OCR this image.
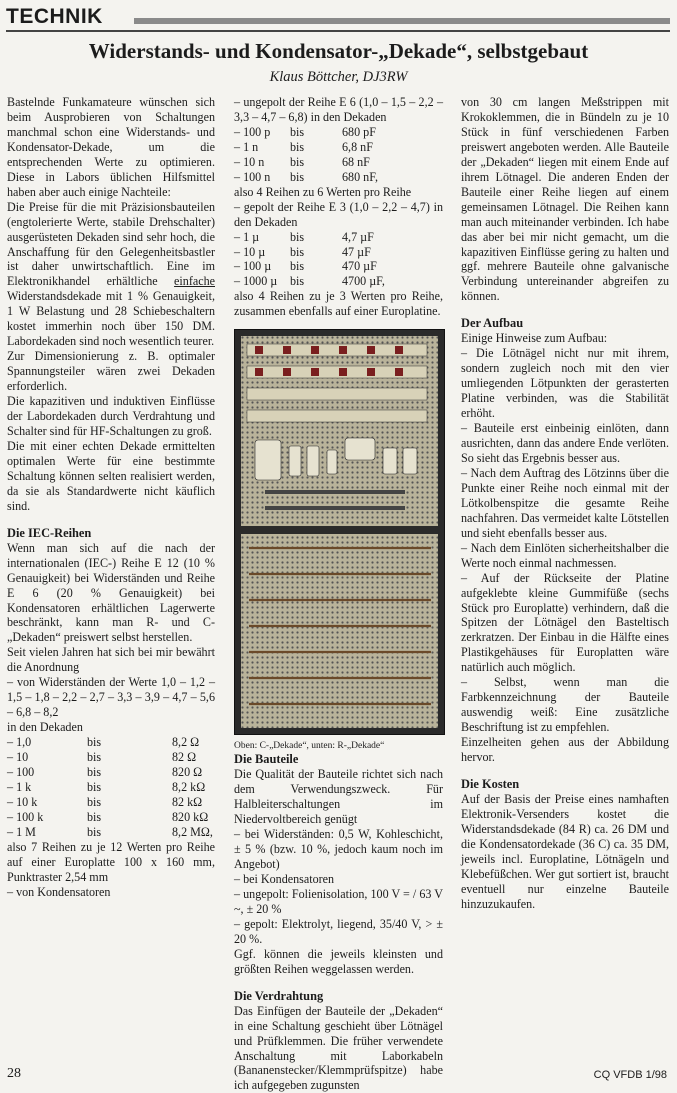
TECHNIK
Widerstands- und Kondensator-„Dekade“, selbstgebaut
Klaus Böttcher, DJ3RW

Bastelnde Funkamateure wünschen sich beim Ausprobieren von Schaltungen manchmal schon eine Widerstands- und Kondensator-Dekade, um die entsprechenden Werte zu optimieren. Diese in Labors üblichen Hilfsmittel haben aber auch einige Nachteile:

Die Preise für die mit Präzisionsbauteilen (engtolerierte Werte, stabile Drehschalter) ausgerüsteten Dekaden sind sehr hoch, die Anschaffung für den Gelegenheitsbastler ist daher unwirtschaftlich. Eine im Elektronikhandel erhältliche einfache Widerstandsdekade mit 1 % Genauigkeit, 1 W Belastung und 28 Schiebeschaltern kostet immerhin noch über 150 DM. Labordekaden sind noch wesentlich teurer.

Zur Dimensionierung z. B. optimaler Spannungsteiler wären zwei Dekaden erforderlich.

Die kapazitiven und induktiven Einflüsse der Labordekaden durch Verdrahtung und Schalter sind für HF-Schaltungen zu groß.

Die mit einer echten Dekade ermittelten optimalen Werte für eine bestimmte Schaltung können selten realisiert werden, da sie als Standardwerte nicht käuflich sind.

Die IEC-Reihen

Wenn man sich auf die nach der internationalen (IEC-) Reihe E 12 (10 % Genauigkeit) bei Widerständen und Reihe E 6 (20 % Genauigkeit) bei Kondensatoren erhältlichen Lagerwerte beschränkt, kann man R- und C-„Dekaden“ preiswert selbst herstellen.

Seit vielen Jahren hat sich bei mir bewährt die Anordnung

– von Widerständen der Werte 1,0 – 1,2 – 1,5 – 1,8 – 2,2 – 2,7 – 3,3 – 3,9 – 4,7 – 5,6 – 6,8 – 8,2

in den Dekaden

– 1,0	bis	8,2 Ω
– 10	bis	82 Ω
– 100	bis	820 Ω
– 1 k	bis	8,2 kΩ
– 10 k	bis	82 kΩ
– 100 k	bis	820 kΩ
– 1 M	bis	8,2 MΩ,

also 7 Reihen zu je 12 Werten pro Reihe auf einer Europlatte 100 x 160 mm, Punktraster 2,54 mm

– von Kondensatoren

– ungepolt der Reihe E 6 (1,0 – 1,5 – 2,2 – 3,3 – 4,7 – 6,8) in den Dekaden

– 100 p	bis	680 pF
– 1 n	bis	6,8 nF
– 10 n	bis	68 nF
– 100 n	bis	680 nF,

also 4 Reihen zu 6 Werten pro Reihe

– gepolt der Reihe E 3 (1,0 – 2,2 – 4,7) in den Dekaden

– 1 µ	bis	4,7 µF
– 10 µ	bis	47 µF
– 100 µ	bis	470 µF
– 1000 µ	bis	4700 µF,

also 4 Reihen zu je 3 Werten pro Reihe, zusammen ebenfalls auf einer Europlatine.

Oben: C-„Dekade“, unten: R-„Dekade“

Die Bauteile

Die Qualität der Bauteile richtet sich nach dem Verwendungszweck. Für Halbleiterschaltungen im Niedervoltbereich genügt

– bei Widerständen: 0,5 W, Kohleschicht, ± 5 % (bzw. 10 %, jedoch kaum noch im Angebot)

– bei Kondensatoren

– ungepolt: Folienisolation, 100 V = / 63 V ~, ± 20 %

– gepolt: Elektrolyt, liegend, 35/40 V, > ± 20 %.

Ggf. können die jeweils kleinsten und größten Reihen weggelassen werden.

Die Verdrahtung

Das Einfügen der Bauteile der „Dekaden“ in eine Schaltung geschieht über Lötnägel und Prüfklemmen. Die früher verwendete Anschaltung mit Laborkabeln (Bananenstecker/Klemmprüfspitze) habe ich aufgegeben zugunsten

von 30 cm langen Meßstrippen mit Krokoklemmen, die in Bündeln zu je 10 Stück in fünf verschiedenen Farben preiswert angeboten werden. Alle Bauteile der „Dekaden“ liegen mit einem Ende auf ihrem Lötnagel. Die anderen Enden der Bauteile einer Reihe liegen auf einem gemeinsamen Lötnagel. Die Reihen kann man auch miteinander verbinden. Ich habe das aber bei mir nicht gemacht, um die kapazitiven Einflüsse gering zu halten und ggf. mehrere Bauteile ohne galvanische Verbindung untereinander abgreifen zu können.

Der Aufbau

Einige Hinweise zum Aufbau:

– Die Lötnägel nicht nur mit ihrem, sondern zugleich noch mit den vier umliegenden Lötpunkten der gerasterten Platine verbinden, was die Stabilität erhöht.

– Bauteile erst einbeinig einlöten, dann ausrichten, dann das andere Ende verlöten. So sieht das Ergebnis besser aus.

– Nach dem Auftrag des Lötzinns über die Punkte einer Reihe noch einmal mit der Lötkolbenspitze die gesamte Reihe nachfahren. Das vermeidet kalte Lötstellen und sieht ebenfalls besser aus.

– Nach dem Einlöten sicherheitshalber die Werte noch einmal nachmessen.

– Auf der Rückseite der Platine aufgeklebte kleine Gummifüße (sechs Stück pro Europlatte) verhindern, daß die Spitzen der Lötnägel den Basteltisch zerkratzen. Der Einbau in die Hälfte eines Plastikgehäuses für Europlatten wäre natürlich auch möglich.

– Selbst, wenn man die Farbkennzeichnung der Bauteile auswendig weiß: Eine zusätzliche Beschriftung ist zu empfehlen.

Einzelheiten gehen aus der Abbildung hervor.

Die Kosten

Auf der Basis der Preise eines namhaften Elektronik-Versenders kostet die Widerstandsdekade (84 R) ca. 26 DM und die Kondensatordekade (36 C) ca. 35 DM, jeweils incl. Europlatine, Lötnägeln und Klebefüßchen. Wer gut sortiert ist, braucht eventuell nur einzelne Bauteile hinzuzukaufen.

28	CQ VFDB 1/98
